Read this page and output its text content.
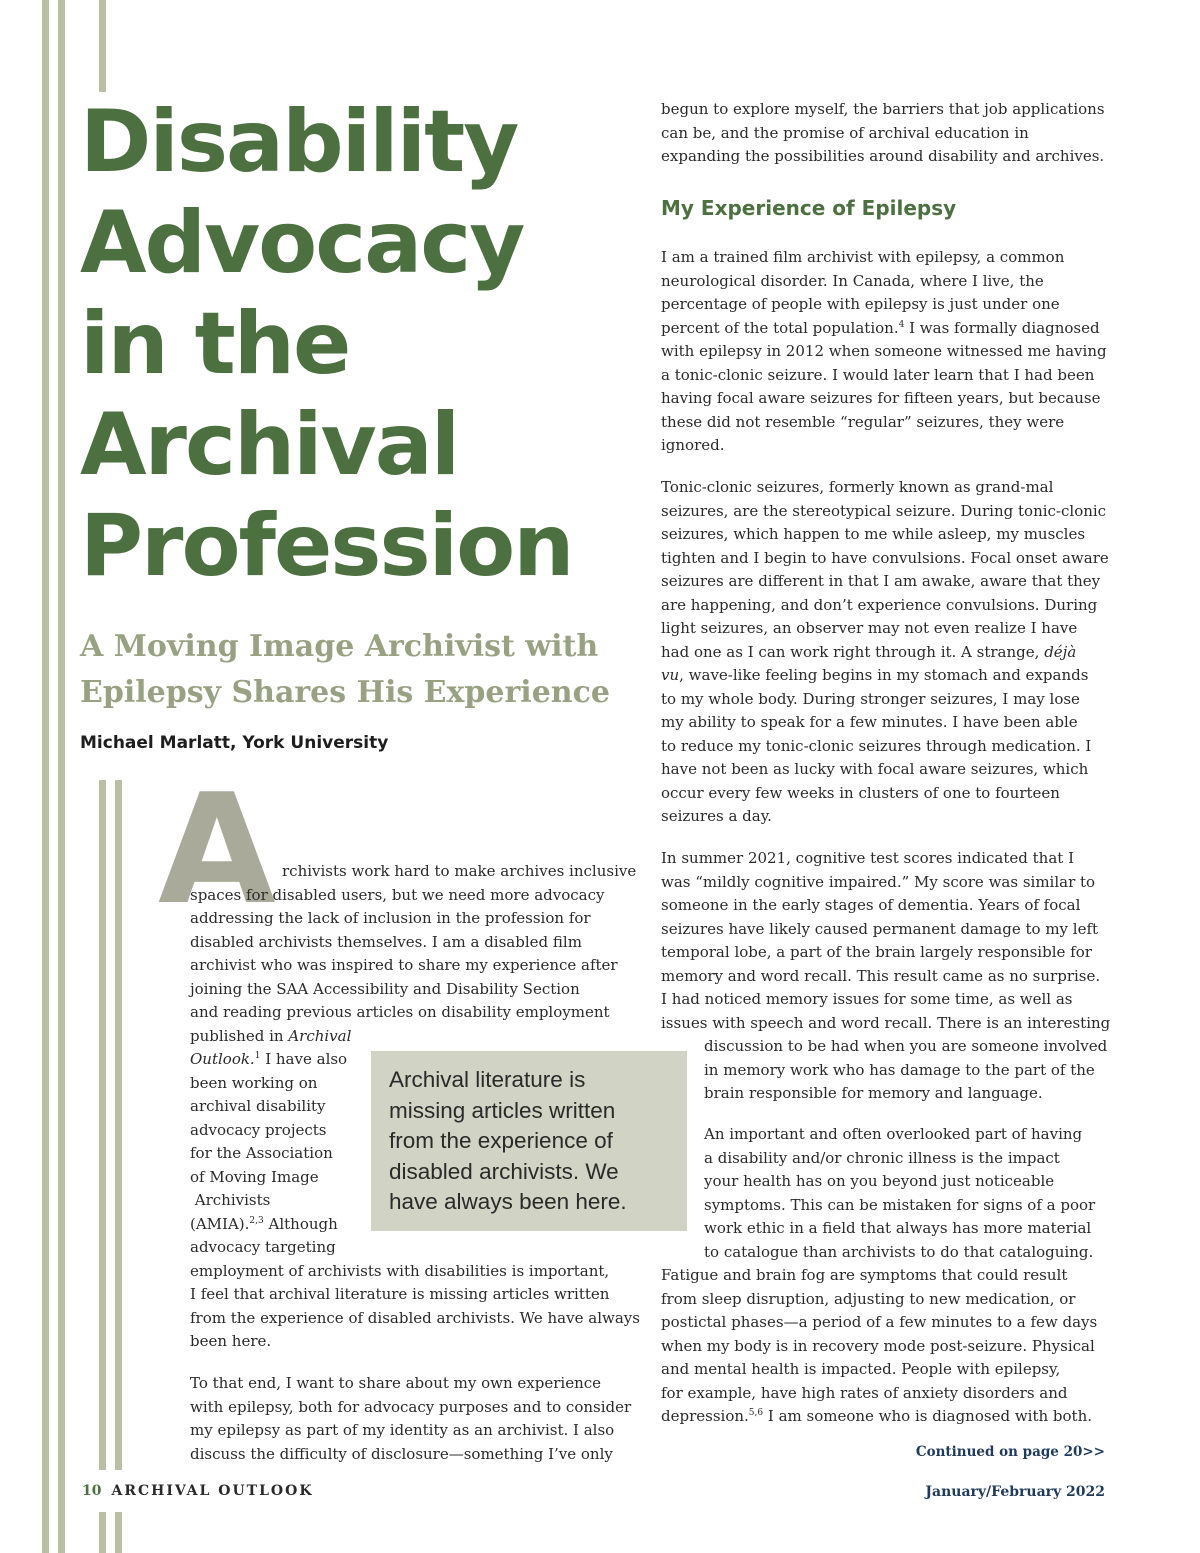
Disability
Advocacy
in the
Archival
Profession
A Moving Image Archivist with
Epilepsy Shares His Experience
Michael Marlatt, York University
A rchivists work hard to make archives inclusive
spaces for disabled users, but we need more advocacy
addressing the lack of inclusion in the profession for
disabled archivists themselves. I am a disabled film
archivist who was inspired to share my experience after
joining the SAA Accessibility and Disability Section
and reading previous articles on disability employment
published in Archival
Outlook.$^1$ I have also
been working on
archival disability
advocacy projects
for the Association
of Moving Image
Archivists
(AMIA).$^{2,3}$ Although
advocacy targeting
employment of archivists with disabilities is important,
I feel that archival literature is missing articles written
from the experience of disabled archivists. We have always
been here.
To that end, I want to share about my own experience
with epilepsy, both for advocacy purposes and to consider
my epilepsy as part of my identity as an archivist. I also
discuss the difficulty of disclosure—something I’ve only
Archival literature is
missing articles written
from the experience of
disabled archivists. We
have always been here.
begun to explore myself, the barriers that job applications
can be, and the promise of archival education in
expanding the possibilities around disability and archives.
My Experience of Epilepsy
I am a trained film archivist with epilepsy, a common
neurological disorder. In Canada, where I live, the
percentage of people with epilepsy is just under one
percent of the total population.$^4$ I was formally diagnosed
with epilepsy in 2012 when someone witnessed me having
a tonic-clonic seizure. I would later learn that I had been
having focal aware seizures for fifteen years, but because
these did not resemble “regular” seizures, they were
ignored.
Tonic-clonic seizures, formerly known as grand-mal
seizures, are the stereotypical seizure. During tonic-clonic
seizures, which happen to me while asleep, my muscles
tighten and I begin to have convulsions. Focal onset aware
seizures are different in that I am awake, aware that they
are happening, and don’t experience convulsions. During
light seizures, an observer may not even realize I have
had one as I can work right through it. A strange, déjà
vu, wave-like feeling begins in my stomach and expands
to my whole body. During stronger seizures, I may lose
my ability to speak for a few minutes. I have been able
to reduce my tonic-clonic seizures through medication. I
have not been as lucky with focal aware seizures, which
occur every few weeks in clusters of one to fourteen
seizures a day.
In summer 2021, cognitive test scores indicated that I
was “mildly cognitive impaired.” My score was similar to
someone in the early stages of dementia. Years of focal
seizures have likely caused permanent damage to my left
temporal lobe, a part of the brain largely responsible for
memory and word recall. This result came as no surprise.
I had noticed memory issues for some time, as well as
issues with speech and word recall. There is an interesting
discussion to be had when you are someone involved
in memory work who has damage to the part of the
brain responsible for memory and language.
An important and often overlooked part of having
a disability and/or chronic illness is the impact
your health has on you beyond just noticeable
symptoms. This can be mistaken for signs of a poor
work ethic in a field that always has more material
to catalogue than archivists to do that cataloguing.
Fatigue and brain fog are symptoms that could result
from sleep disruption, adjusting to new medication, or
postictal phases—a period of a few minutes to a few days
when my body is in recovery mode post-seizure. Physical
and mental health is impacted. People with epilepsy,
for example, have high rates of anxiety disorders and
depression.$^{5,6}$ I am someone who is diagnosed with both.
Continued on page 20>>
10 ARCHIVAL OUTLOOK	January/February 2022
